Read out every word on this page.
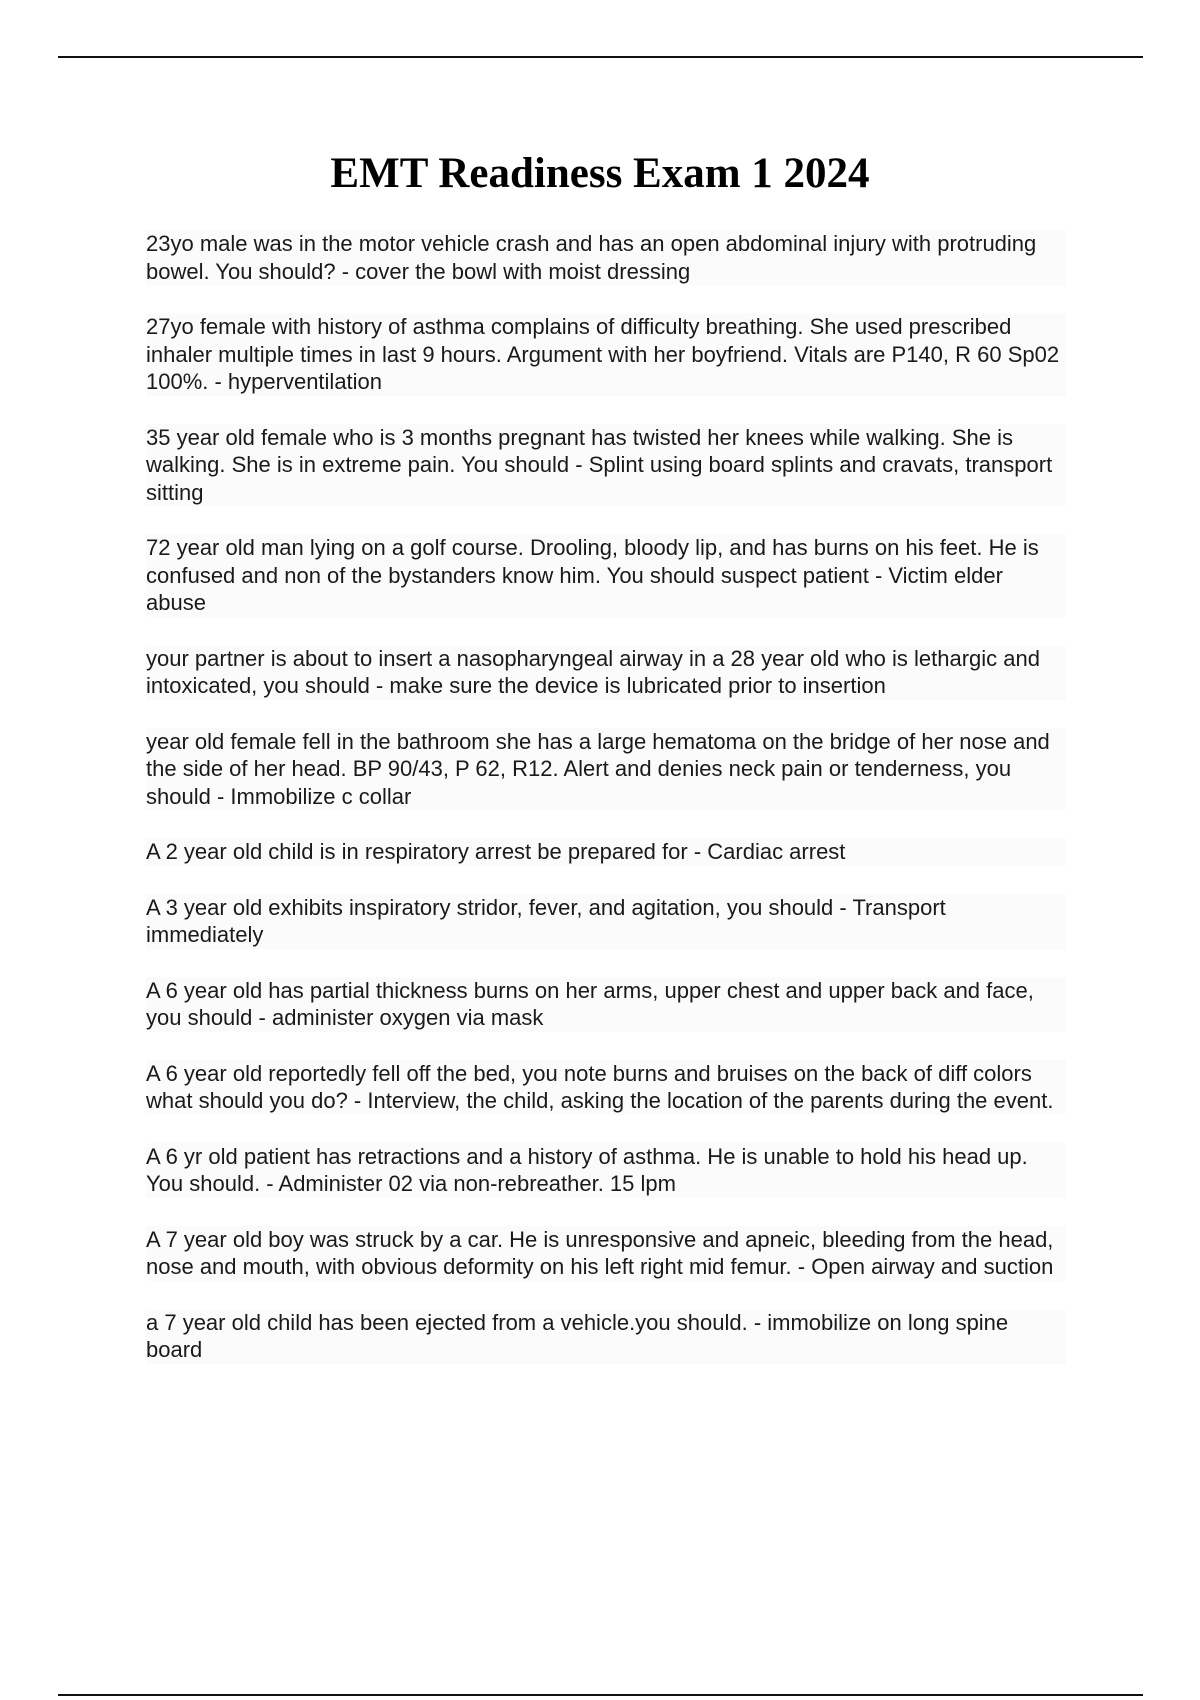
EMT Readiness Exam 1 2024
23yo male was in the motor vehicle crash and has an open abdominal injury with protruding bowel. You should? - cover the bowl with moist dressing
27yo female with history of asthma complains of difficulty breathing. She used prescribed inhaler multiple times in last 9 hours. Argument with her boyfriend. Vitals are P140, R 60 Sp02 100%. - hyperventilation
35 year old female who is 3 months pregnant has twisted her knees while walking. She is walking. She is in extreme pain. You should - Splint using board splints and cravats, transport sitting
72 year old man lying on a golf course. Drooling, bloody lip, and has burns on his feet. He is confused and non of the bystanders know him. You should suspect patient - Victim elder abuse
your partner is about to insert a nasopharyngeal airway in a 28 year old who is lethargic and intoxicated, you should - make sure the device is lubricated prior to insertion
year old female fell in the bathroom she has a large hematoma on the bridge of her nose and the side of her head. BP 90/43, P 62, R12. Alert and denies neck pain or tenderness, you should - Immobilize c collar
A 2 year old child is in respiratory arrest be prepared for - Cardiac arrest
A 3 year old exhibits inspiratory stridor, fever, and agitation, you should - Transport immediately
A 6 year old has partial thickness burns on her arms, upper chest and upper back and face, you should - administer oxygen via mask
A 6 year old reportedly fell off the bed, you note burns and bruises on the back of diff colors what should you do? - Interview, the child, asking the location of the parents during the event.
A 6 yr old patient has retractions and a history of asthma. He is unable to hold his head up. You should. - Administer 02 via non-rebreather. 15 lpm
A 7 year old boy was struck by a car. He is unresponsive and apneic, bleeding from the head, nose and mouth, with obvious deformity on his left right mid femur. - Open airway and suction
a 7 year old child has been ejected from a vehicle.you should. - immobilize on long spine board
